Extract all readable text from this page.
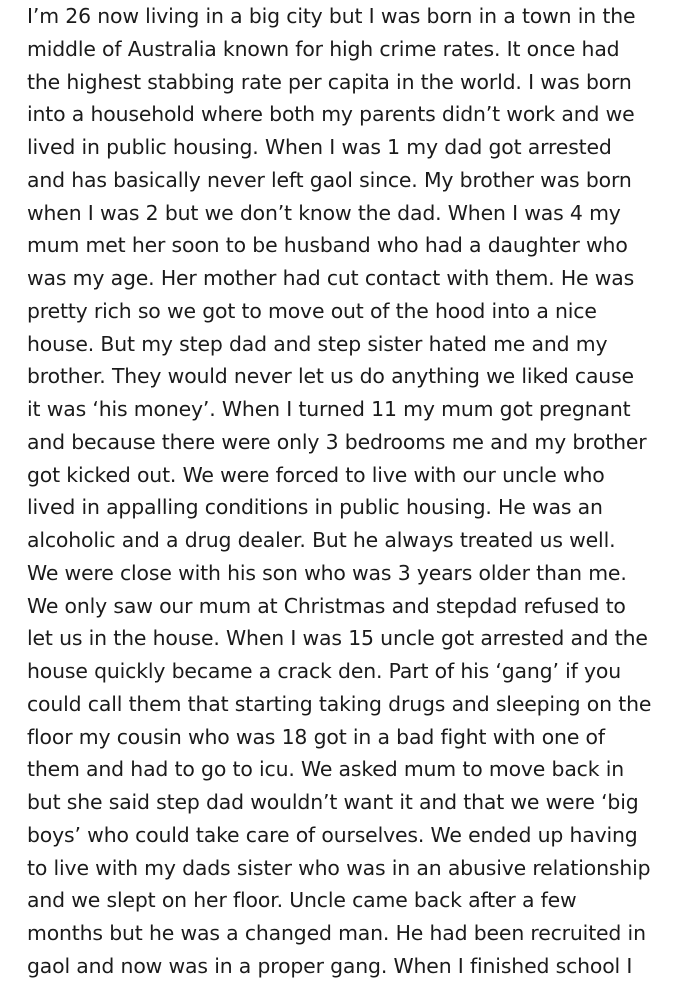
I’m 26 now living in a big city but I was born in a town in the
middle of Australia known for high crime rates. It once had
the highest stabbing rate per capita in the world. I was born
into a household where both my parents didn’t work and we
lived in public housing. When I was 1 my dad got arrested
and has basically never left gaol since. My brother was born
when I was 2 but we don’t know the dad. When I was 4 my
mum met her soon to be husband who had a daughter who
was my age. Her mother had cut contact with them. He was
pretty rich so we got to move out of the hood into a nice
house. But my step dad and step sister hated me and my
brother. They would never let us do anything we liked cause
it was ‘his money’. When I turned 11 my mum got pregnant
and because there were only 3 bedrooms me and my brother
got kicked out. We were forced to live with our uncle who
lived in appalling conditions in public housing. He was an
alcoholic and a drug dealer. But he always treated us well.
We were close with his son who was 3 years older than me.
We only saw our mum at Christmas and stepdad refused to
let us in the house. When I was 15 uncle got arrested and the
house quickly became a crack den. Part of his ‘gang’ if you
could call them that starting taking drugs and sleeping on the
floor my cousin who was 18 got in a bad fight with one of
them and had to go to icu. We asked mum to move back in
but she said step dad wouldn’t want it and that we were ‘big
boys’ who could take care of ourselves. We ended up having
to live with my dads sister who was in an abusive relationship
and we slept on her floor. Uncle came back after a few
months but he was a changed man. He had been recruited in
gaol and now was in a proper gang. When I finished school I
